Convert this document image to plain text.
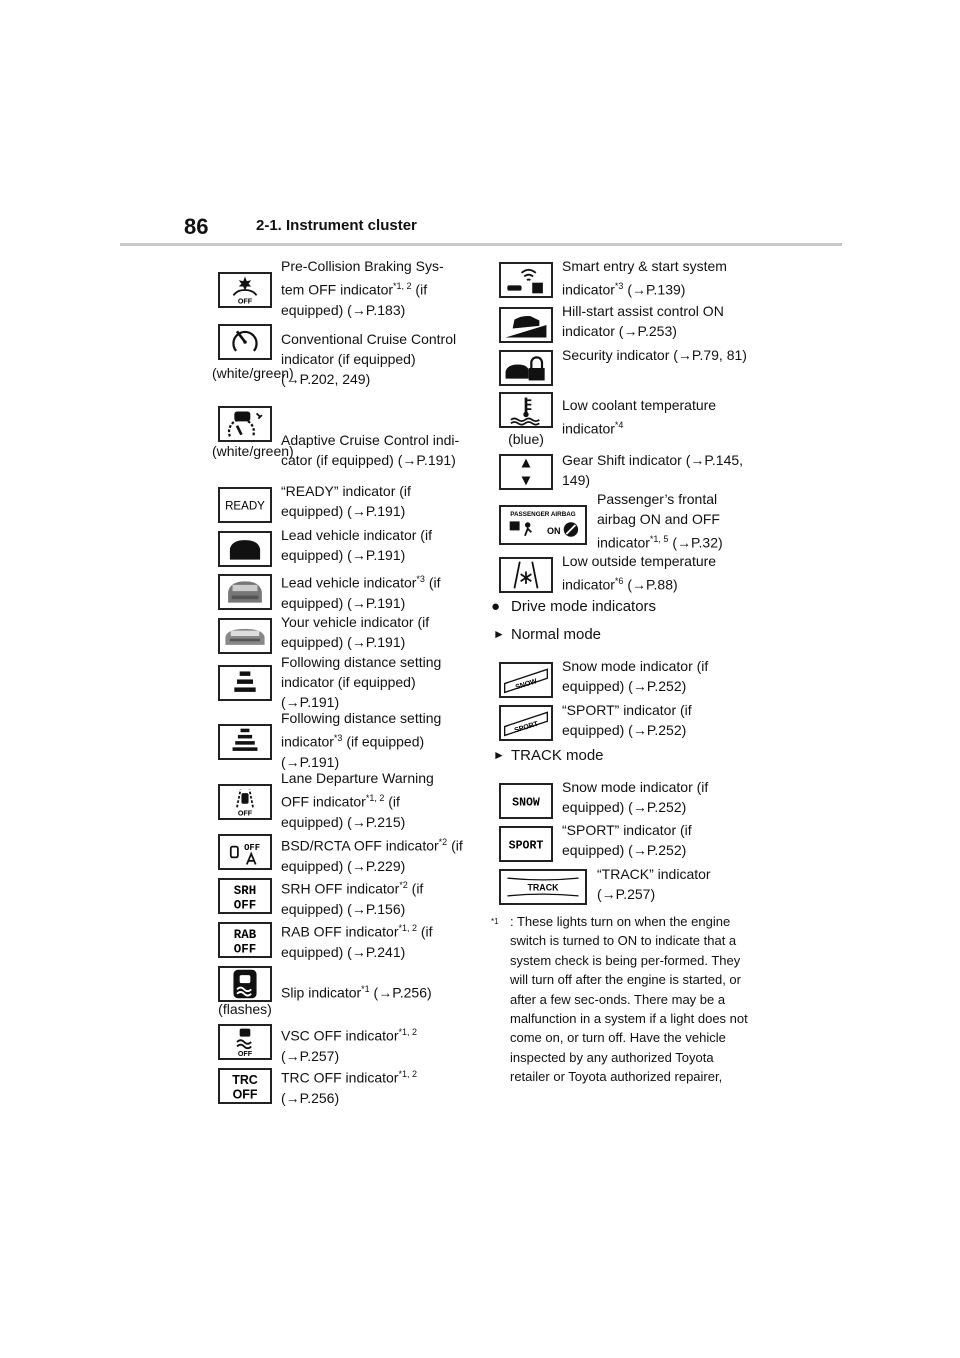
86	2-1. Instrument cluster
OFF
Pre-Collision Braking Sys-tem OFF indicator$^{*1, 2}$ (if equipped) (→P.183)
(white/green)
Conventional Cruise Control indicator (if equipped) (→P.202, 249)
(white/green)
Adaptive Cruise Control indi-cator (if equipped) (→P.191)
READY
“READY” indicator (if equipped) (→P.191)
Lead vehicle indicator (if equipped) (→P.191)
Lead vehicle indicator$^{*3}$ (if equipped) (→P.191)
Your vehicle indicator (if equipped) (→P.191)
Following distance setting indicator (if equipped) (→P.191)
Following distance setting indicator$^{*3}$ (if equipped) (→P.191)
OFF
Lane Departure Warning OFF indicator$^{*1, 2}$ (if equipped) (→P.215)
OFF BSD/RCTA OFF indicator$^{*2}$ (if equipped) (→P.229)
SRH
OFF
SRH OFF indicator$^{*2}$ (if equipped) (→P.156)
RAB
OFF
RAB OFF indicator$^{*1, 2}$ (if equipped) (→P.241)
(flashes)
Slip indicator$^{*1}$ (→P.256)
OFF
VSC OFF indicator$^{*1, 2}$ (→P.257)
TRC
OFF
TRC OFF indicator$^{*1, 2}$ (→P.256)
Smart entry & start system indicator$^{*3}$ (→P.139)
Hill-start assist control ON indicator (→P.253)
Security indicator (→P.79, 81)
(blue)
Low coolant temperature indicator$^{*4}$
Gear Shift indicator (→P.145, 149)
PASSENGER AIRBAG
ON
Passenger’s frontal airbag ON and OFF indicator$^{*1, 5}$ (→P.32)
Low outside temperature indicator$^{*6}$ (→P.88)
● Drive mode indicators
► Normal mode
SNOW
Snow mode indicator (if equipped) (→P.252)
SPORT
“SPORT” indicator (if equipped) (→P.252)
► TRACK mode
SNOW
Snow mode indicator (if equipped) (→P.252)
SPORT
“SPORT” indicator (if equipped) (→P.252)
TRACK
“TRACK” indicator (→P.257)
$^{*1}$ : These lights turn on when the engine switch is turned to ON to indicate that a system check is being per-formed. They will turn off after the engine is started, or after a few sec-onds. There may be a malfunction in a system if a light does not come on, or turn off. Have the vehicle inspected by any authorized Toyota retailer or Toyota authorized repairer,
